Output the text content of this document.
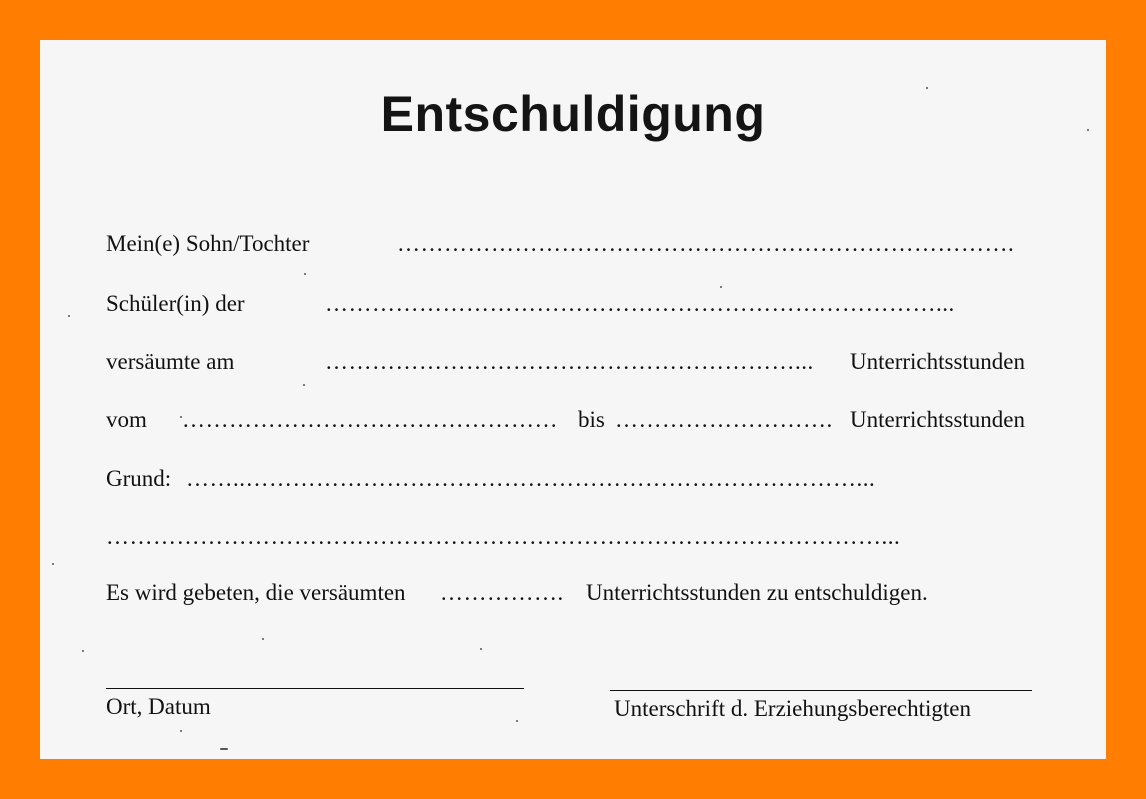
Entschuldigung
Mein(e) Sohn/Tochter	…………………………………………………………………….
Schüler(in) der	……………………………………………………………………...
versäumte am	……………………………………………………...	Unterrichtsstunden
vom ………………………………………… bis ………………………. Unterrichtsstunden
Grund: ……..……………………………………………………………………...
………………………………………………………………………………………...
Es wird gebeten, die versäumten ……………. Unterrichtsstunden zu entschuldigen.
Ort, Datum	Unterschrift d. Erziehungsberechtigten
